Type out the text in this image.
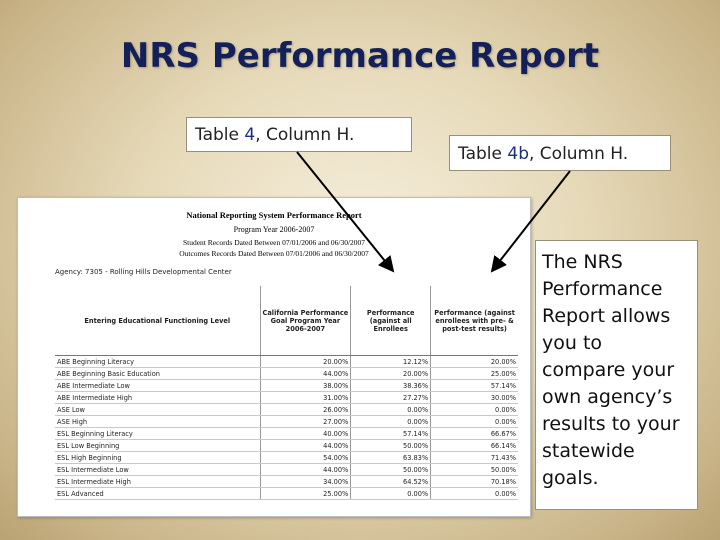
NRS Performance Report
Table 4, Column H.
Table 4b, Column H.
National Reporting System Performance Report
Program Year 2006-2007
Student Records Dated Between 07/01/2006 and 06/30/2007
Outcomes Records Dated Between 07/01/2006 and 06/30/2007
Agency: 7305 - Rolling Hills Developmental Center
Entering Educational Functioning Level	California Performance Goal Program Year 2006-2007	Performance (against all Enrollees	Performance (against enrollees with pre- & post-test results)
ABE Beginning Literacy	20.00%	12.12%	20.00%
ABE Beginning Basic Education	44.00%	20.00%	25.00%
ABE Intermediate Low	38.00%	38.36%	57.14%
ABE Intermediate High	31.00%	27.27%	30.00%
ASE Low	26.00%	0.00%	0.00%
ASE High	27.00%	0.00%	0.00%
ESL Beginning Literacy	40.00%	57.14%	66.67%
ESL Low Beginning	44.00%	50.00%	66.14%
ESL High Beginning	54.00%	63.83%	71.43%
ESL Intermediate Low	44.00%	50.00%	50.00%
ESL Intermediate High	34.00%	64.52%	70.18%
ESL Advanced	25.00%	0.00%	0.00%
The NRS Performance Report allows you to compare your own agency’s results to your statewide goals.
